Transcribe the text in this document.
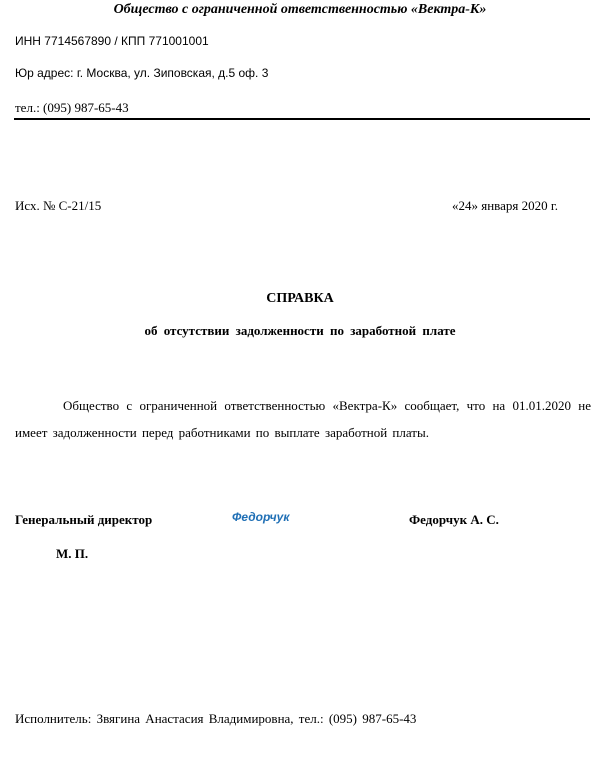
Общество с ограниченной ответственностью «Вектра-К»
ИНН 7714567890 / КПП 771001001
Юр адрес: г. Москва, ул. Зиповская, д.5 оф. 3
тел.: (095) 987-65-43
Исх. № С-21/15	«24» января 2020 г.
СПРАВКА
об отсутствии задолженности по заработной плате
Общество с ограниченной ответственностью «Вектра-К» сообщает, что на 01.01.2020 не имеет задолженности перед работниками по выплате заработной платы.
Генеральный директор	Федорчук	Федорчук А. С.
М. П.
Исполнитель: Звягина Анастасия Владимировна, тел.: (095) 987-65-43
